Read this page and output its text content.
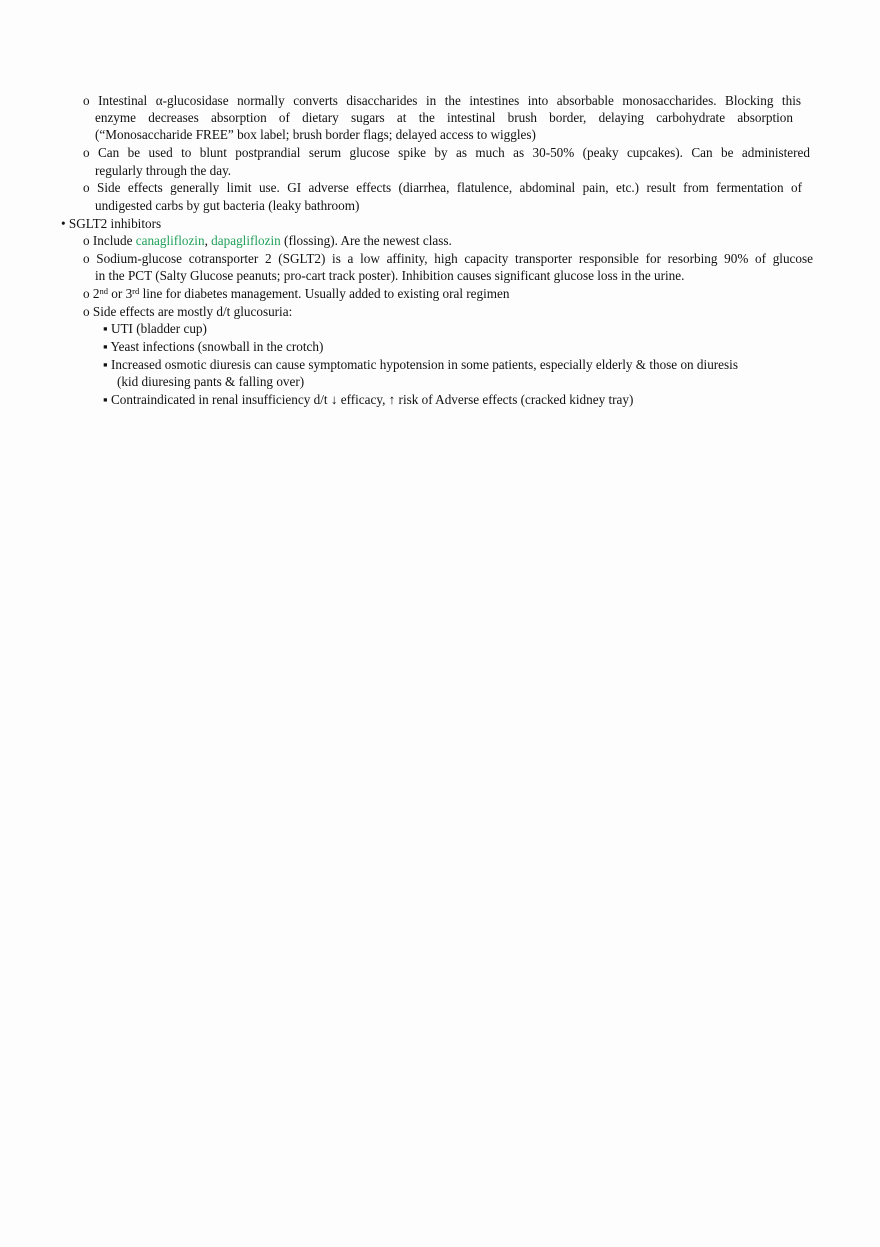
o Intestinal α-glucosidase normally converts disaccharides in the intestines into absorbable monosaccharides. Blocking this
enzyme decreases absorption of dietary sugars at the intestinal brush border, delaying carbohydrate absorption
(“Monosaccharide FREE” box label; brush border flags; delayed access to wiggles)
o Can be used to blunt postprandial serum glucose spike by as much as 30-50% (peaky cupcakes). Can be administered
regularly through the day.
o Side effects generally limit use. GI adverse effects (diarrhea, flatulence, abdominal pain, etc.) result from fermentation of
undigested carbs by gut bacteria (leaky bathroom)
• SGLT2 inhibitors
o Include canagliflozin, dapagliflozin (flossing). Are the newest class.
o Sodium-glucose cotransporter 2 (SGLT2) is a low affinity, high capacity transporter responsible for resorbing 90% of glucose
in the PCT (Salty Glucose peanuts; pro-cart track poster). Inhibition causes significant glucose loss in the urine.
o 2nd or 3rd line for diabetes management. Usually added to existing oral regimen
o Side effects are mostly d/t glucosuria:
▪ UTI (bladder cup)
▪ Yeast infections (snowball in the crotch)
▪ Increased osmotic diuresis can cause symptomatic hypotension in some patients, especially elderly & those on diuresis
(kid diuresing pants & falling over)
▪ Contraindicated in renal insufficiency d/t ↓ efficacy, ↑ risk of Adverse effects (cracked kidney tray)
